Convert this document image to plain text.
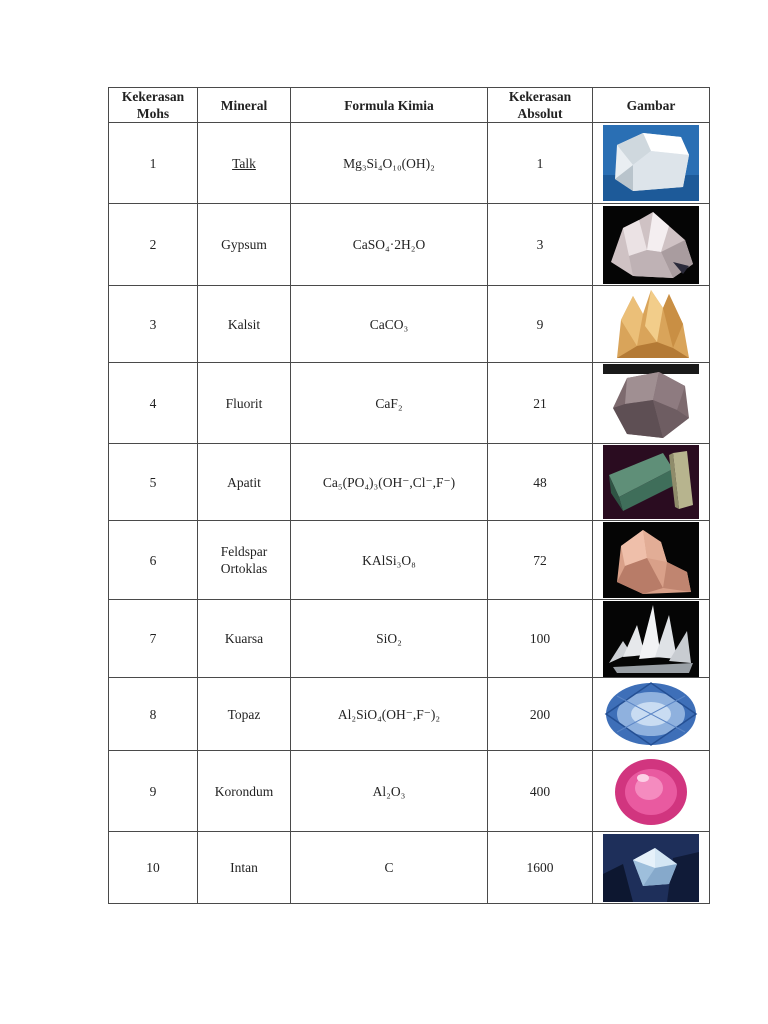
Kekerasan Mohs	Mineral	Formula Kimia	Kekerasan Absolut	Gambar
1	Talk	Mg₃Si₄O₁₀(OH)₂	1	

2	Gypsum	CaSO₄·2H₂O	3	

3	Kalsit	CaCO₃	9	

4	Fluorit	CaF₂	21	

5	Apatit	Ca₅(PO₄)₃(OH⁻,Cl⁻,F⁻)	48	

6	Feldspar Ortoklas	KAlSi₃O₈	72	

7	Kuarsa	SiO₂	100	

8	Topaz	Al₂SiO₄(OH⁻,F⁻)₂	200	

9	Korondum	Al₂O₃	400	

10	Intan	C	1600	
